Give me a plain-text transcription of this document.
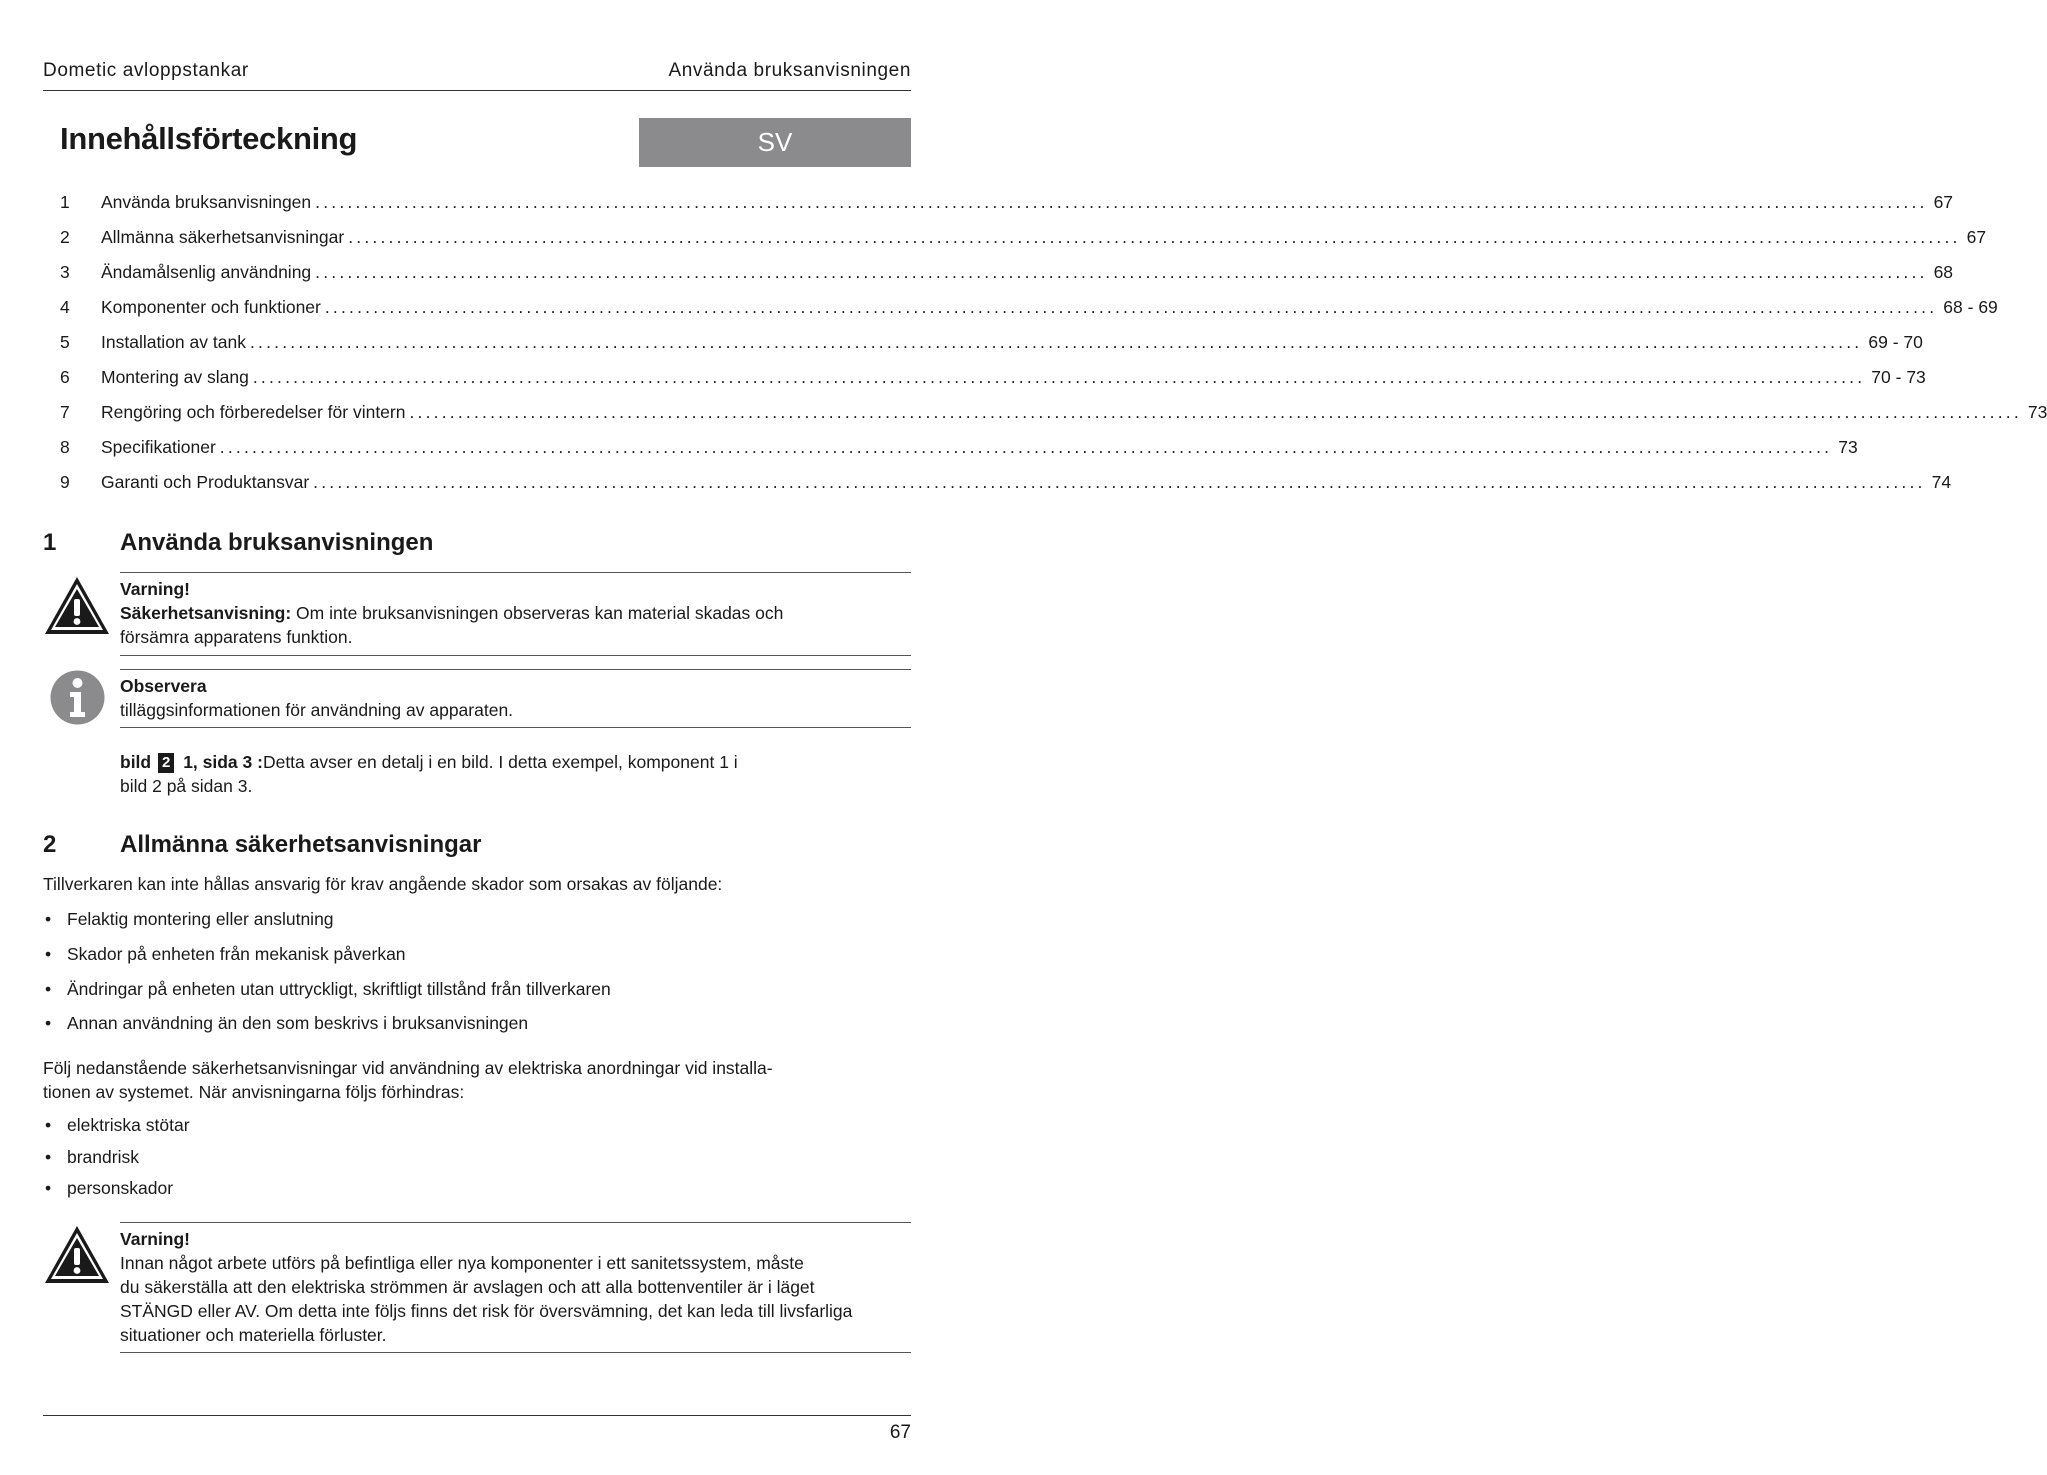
Dometic avloppstankar	Använda bruksanvisningen
Innehållsförteckning	SV
1	Använda bruksanvisningen ........................................................................................................................................................................................................ 67
2	Allmänna säkerhetsanvisningar ........................................................................................................................................................................................................ 67
3	Ändamålsenlig användning ........................................................................................................................................................................................................ 68
4	Komponenter och funktioner ........................................................................................................................................................................................................ 68 - 69
5	Installation av tank ........................................................................................................................................................................................................ 69 - 70
6	Montering av slang ........................................................................................................................................................................................................ 70 - 73
7	Rengöring och förberedelser för vintern ........................................................................................................................................................................................................ 73
8	Specifikationer ........................................................................................................................................................................................................ 73
9	Garanti och Produktansvar ........................................................................................................................................................................................................ 74
1	Använda bruksanvisningen
Varning!
Säkerhetsanvisning: Om inte bruksanvisningen observeras kan material skadas och
försämra apparatens funktion.
Observera
tilläggsinformationen för användning av apparaten.
bild 2 1, sida 3 :Detta avser en detalj i en bild. I detta exempel, komponent 1 i
bild 2 på sidan 3.
2	Allmänna säkerhetsanvisningar
Tillverkaren kan inte hållas ansvarig för krav angående skador som orsakas av följande:
• Felaktig montering eller anslutning
• Skador på enheten från mekanisk påverkan
• Ändringar på enheten utan uttryckligt, skriftligt tillstånd från tillverkaren
• Annan användning än den som beskrivs i bruksanvisningen
Följ nedanstående säkerhetsanvisningar vid användning av elektriska anordningar vid installa-
tionen av systemet. När anvisningarna följs förhindras:
• elektriska stötar
• brandrisk
• personskador
Varning!
Innan något arbete utförs på befintliga eller nya komponenter i ett sanitetssystem, måste
du säkerställa att den elektriska strömmen är avslagen och att alla bottenventiler är i läget
STÄNGD eller AV. Om detta inte följs finns det risk för översvämning, det kan leda till livsfarliga
situationer och materiella förluster.
67
